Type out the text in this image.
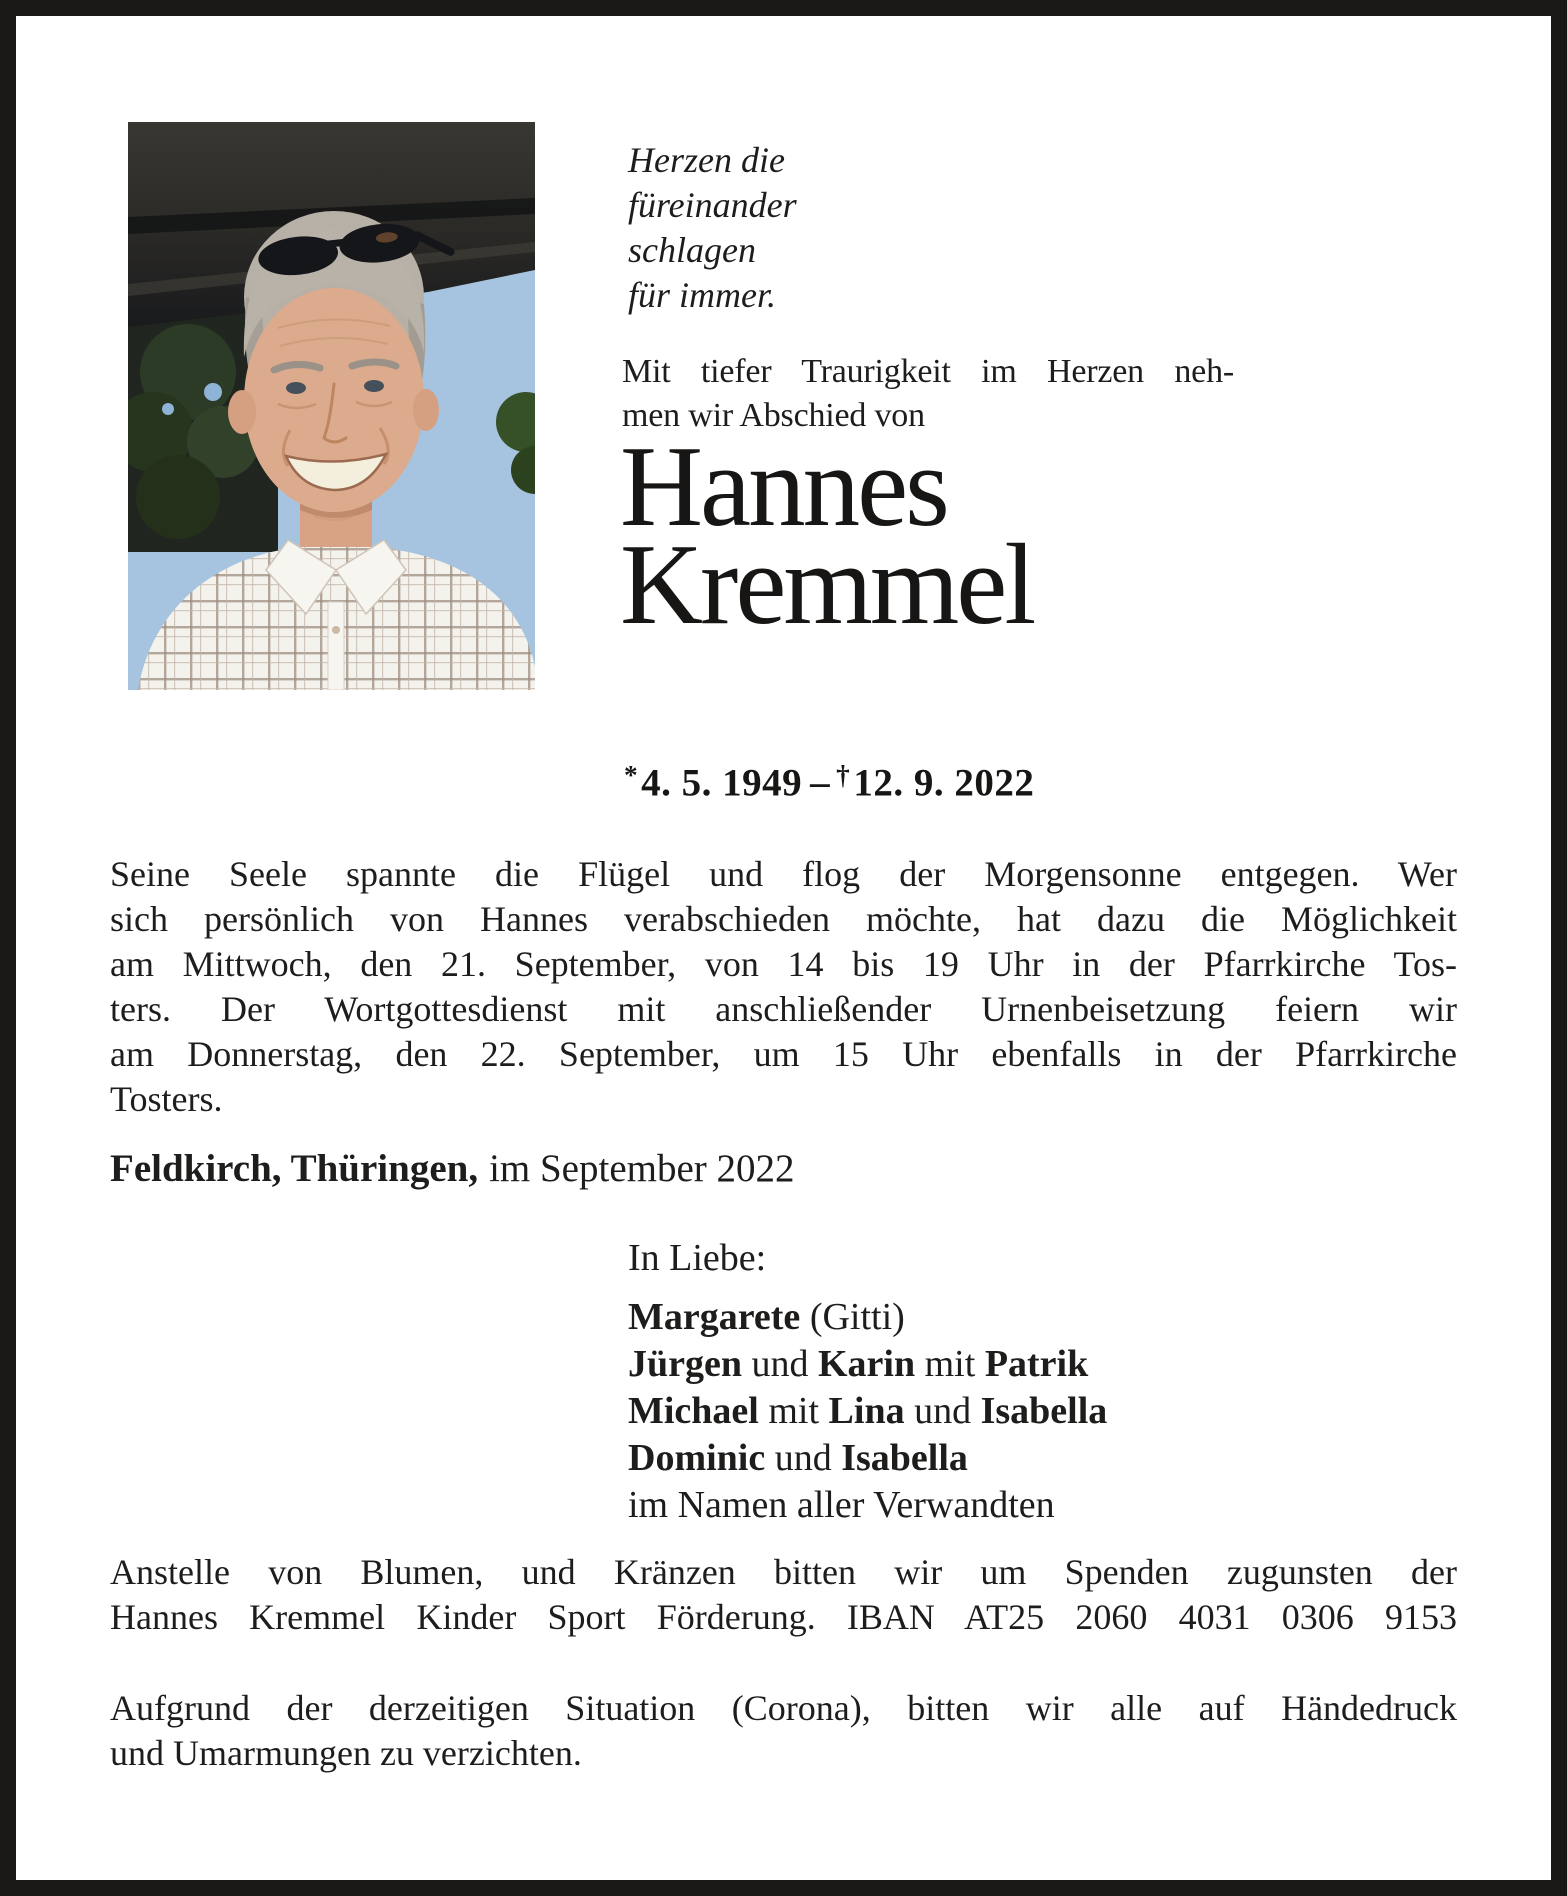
Herzen die
füreinander
schlagen
für immer.
Mit tiefer Traurigkeit im Herzen neh-
men wir Abschied von
Hannes
Kremmel
*4. 5. 1949 – †12. 9. 2022
Seine Seele spannte die Flügel und flog der Morgensonne entgegen. Wer
sich persönlich von Hannes verabschieden möchte, hat dazu die Möglichkeit
am Mittwoch, den 21. September, von 14 bis 19 Uhr in der Pfarrkirche Tos-
ters. Der Wortgottesdienst mit anschließender Urnenbeisetzung feiern wir
am Donnerstag, den 22. September, um 15 Uhr ebenfalls in der Pfarrkirche
Tosters.
Feldkirch, Thüringen, im September 2022
In Liebe:
Margarete (Gitti)
Jürgen und Karin mit Patrik
Michael mit Lina und Isabella
Dominic und Isabella
im Namen aller Verwandten
Anstelle von Blumen, und Kränzen bitten wir um Spenden zugunsten der
Hannes Kremmel Kinder Sport Förderung. IBAN AT25 2060 4031 0306 9153
Aufgrund der derzeitigen Situation (Corona), bitten wir alle auf Händedruck
und Umarmungen zu verzichten.
